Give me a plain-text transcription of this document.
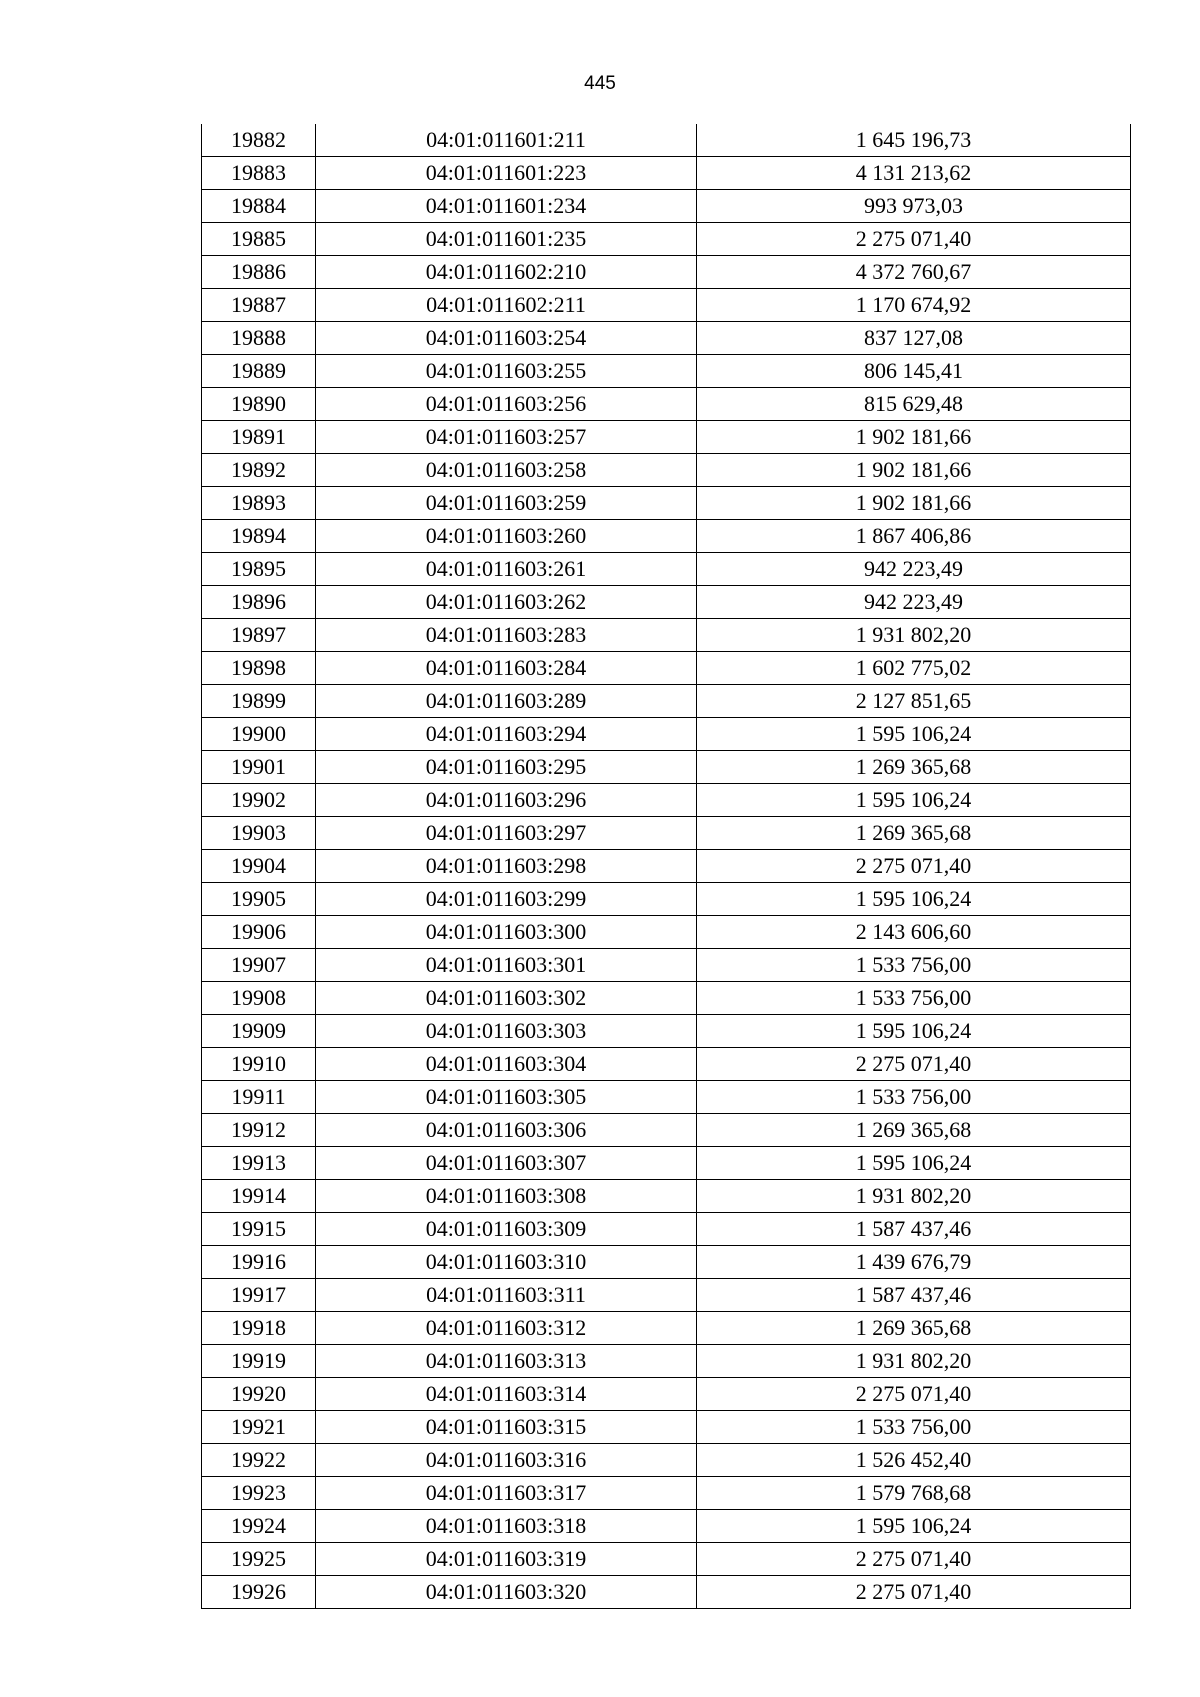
445
19882	04:01:011601:211	1 645 196,73
19883	04:01:011601:223	4 131 213,62
19884	04:01:011601:234	993 973,03
19885	04:01:011601:235	2 275 071,40
19886	04:01:011602:210	4 372 760,67
19887	04:01:011602:211	1 170 674,92
19888	04:01:011603:254	837 127,08
19889	04:01:011603:255	806 145,41
19890	04:01:011603:256	815 629,48
19891	04:01:011603:257	1 902 181,66
19892	04:01:011603:258	1 902 181,66
19893	04:01:011603:259	1 902 181,66
19894	04:01:011603:260	1 867 406,86
19895	04:01:011603:261	942 223,49
19896	04:01:011603:262	942 223,49
19897	04:01:011603:283	1 931 802,20
19898	04:01:011603:284	1 602 775,02
19899	04:01:011603:289	2 127 851,65
19900	04:01:011603:294	1 595 106,24
19901	04:01:011603:295	1 269 365,68
19902	04:01:011603:296	1 595 106,24
19903	04:01:011603:297	1 269 365,68
19904	04:01:011603:298	2 275 071,40
19905	04:01:011603:299	1 595 106,24
19906	04:01:011603:300	2 143 606,60
19907	04:01:011603:301	1 533 756,00
19908	04:01:011603:302	1 533 756,00
19909	04:01:011603:303	1 595 106,24
19910	04:01:011603:304	2 275 071,40
19911	04:01:011603:305	1 533 756,00
19912	04:01:011603:306	1 269 365,68
19913	04:01:011603:307	1 595 106,24
19914	04:01:011603:308	1 931 802,20
19915	04:01:011603:309	1 587 437,46
19916	04:01:011603:310	1 439 676,79
19917	04:01:011603:311	1 587 437,46
19918	04:01:011603:312	1 269 365,68
19919	04:01:011603:313	1 931 802,20
19920	04:01:011603:314	2 275 071,40
19921	04:01:011603:315	1 533 756,00
19922	04:01:011603:316	1 526 452,40
19923	04:01:011603:317	1 579 768,68
19924	04:01:011603:318	1 595 106,24
19925	04:01:011603:319	2 275 071,40
19926	04:01:011603:320	2 275 071,40
